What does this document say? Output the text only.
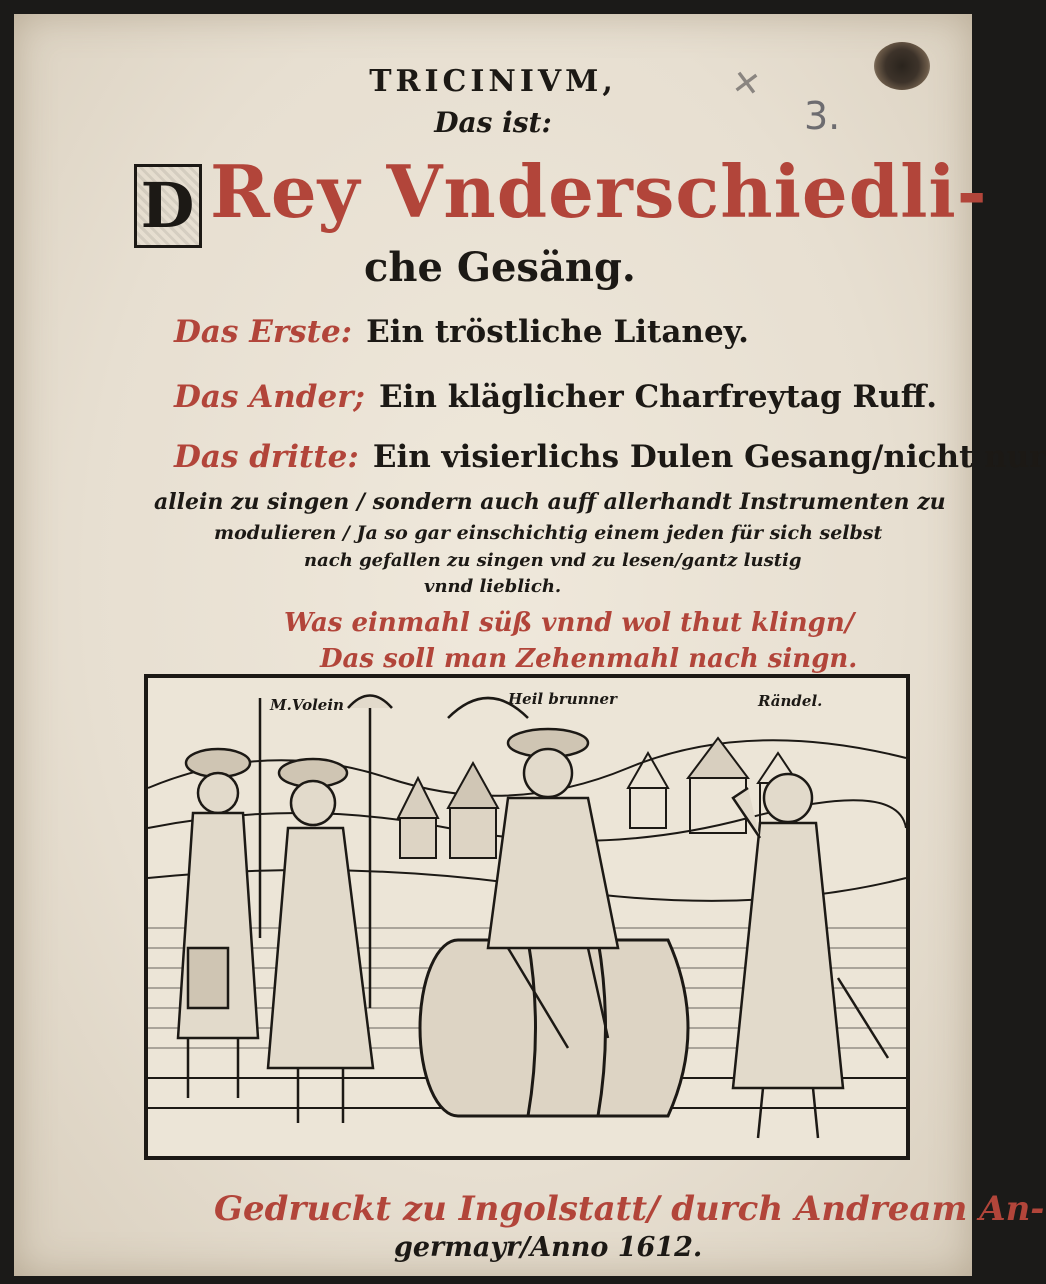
✕
3.
TRICINIVM,
Das ist:
D Rey Vnderschiedli-
che Gesäng.
Das Erste: Ein tröstliche Litaney.
Das Ander; Ein kläglicher Charfreytag Ruff.
Das dritte: Ein visierlichs Dulen Gesang/nicht nur
allein zu singen / sondern auch auff allerhandt Instrumenten zu
modulieren / Ja so gar einschichtig einem jeden für sich selbst
nach gefallen zu singen vnd zu lesen/gantz lustig
vnnd lieblich.
Was einmahl süß vnnd wol thut klingn/
Das soll man Zehenmahl nach singn.
M.Volein	Heil brunner	Rändel.
Gedruckt zu Ingolstatt/ durch Andream An-
germayr/Anno 1612.
